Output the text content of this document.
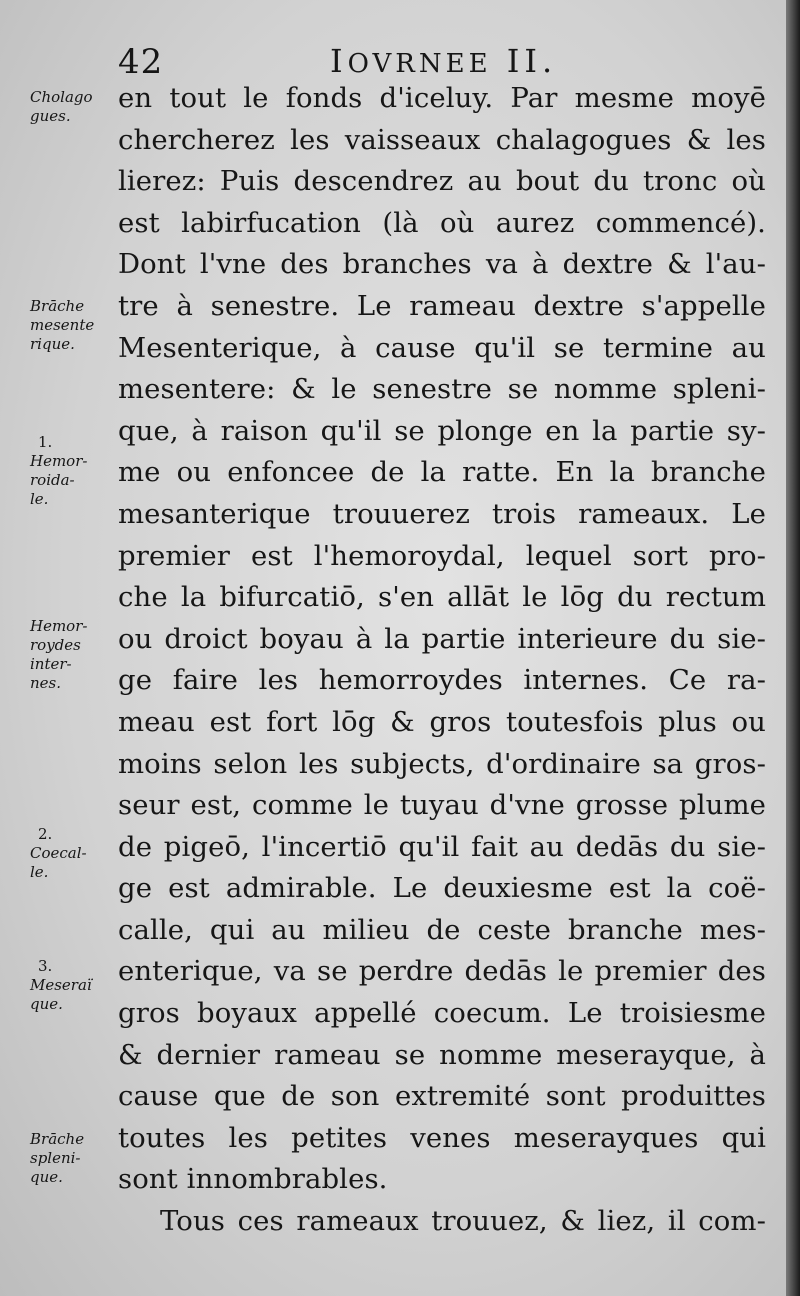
42	IOVRNEE II.
Cholago
gues.
Brāche
mesente
rique.
1.
Hemor-
roida-
le.
Hemor-
roydes
inter-
nes.
2.
Coecal-
le.
3.
Meseraï
que.
Brāche
spleni-
que.
en tout le fonds d'iceluy. Par mesme moyē
chercherez les vaisseaux chalagogues & les
lierez: Puis descendrez au bout du tronc où
est labirfucation (là où aurez commencé).
Dont l'vne des branches va à dextre & l'au-
tre à senestre. Le rameau dextre s'appelle
Mesenterique, à cause qu'il se termine au
mesentere: & le senestre se nomme spleni-
que, à raison qu'il se plonge en la partie sy-
me ou enfoncee de la ratte. En la branche
mesanterique trouuerez trois rameaux. Le
premier est l'hemoroydal, lequel sort pro-
che la bifurcatiō, s'en allāt le lōg du rectum
ou droict boyau à la partie interieure du sie-
ge faire les hemorroydes internes. Ce ra-
meau est fort lōg & gros toutesfois plus ou
moins selon les subjects, d'ordinaire sa gros-
seur est, comme le tuyau d'vne grosse plume
de pigeō, l'incertiō qu'il fait au dedās du sie-
ge est admirable. Le deuxiesme est la coë-
calle, qui au milieu de ceste branche mes-
enterique, va se perdre dedās le premier des
gros boyaux appellé coecum. Le troisiesme
& dernier rameau se nomme meserayque, à
cause que de son extremité sont produittes
toutes les petites venes meserayques qui
sont innombrables.
Tous ces rameaux trouuez, & liez, il com-
